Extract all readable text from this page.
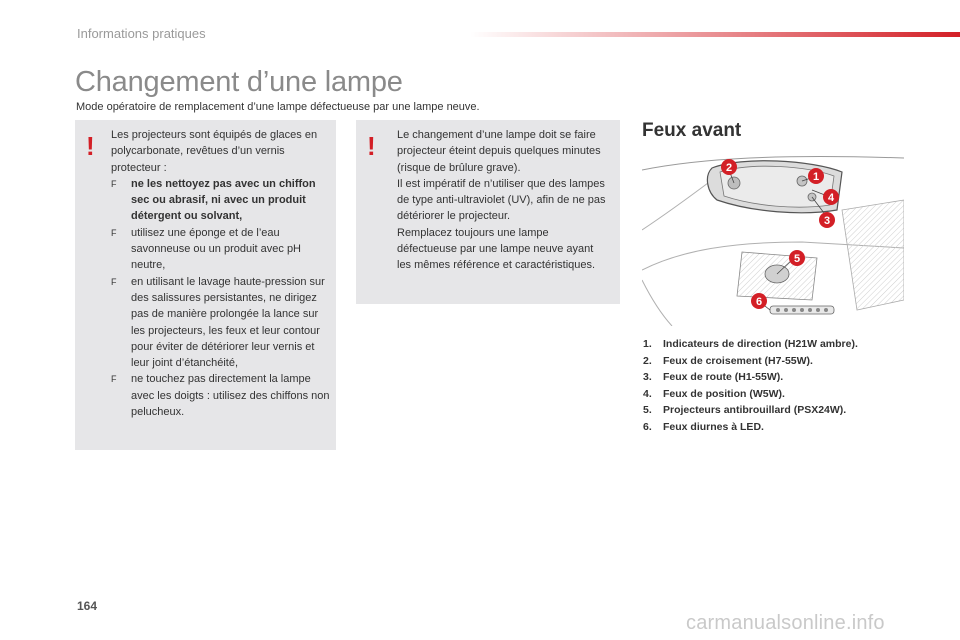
Informations pratiques
Changement d’une lampe
Mode opératoire de remplacement d’une lampe défectueuse par une lampe neuve.
! Les projecteurs sont équipés de glaces en polycarbonate, revêtues d’un vernis protecteur :
F ne les nettoyez pas avec un chiffon sec ou abrasif, ni avec un produit détergent ou solvant,
F utilisez une éponge et de l’eau savonneuse ou un produit avec pH neutre,
F en utilisant le lavage haute-pression sur des salissures persistantes, ne dirigez pas de manière prolongée la lance sur les projecteurs, les feux et leur contour pour éviter de détériorer leur vernis et leur joint d’étanchéité,
F ne touchez pas directement la lampe avec les doigts : utilisez des chiffons non pelucheux.
! Le changement d’une lampe doit se faire projecteur éteint depuis quelques minutes (risque de brûlure grave).
Il est impératif de n’utiliser que des lampes de type anti-ultraviolet (UV), afin de ne pas détériorer le projecteur.
Remplacez toujours une lampe défectueuse par une lampe neuve ayant les mêmes référence et caractéristiques.
Feux avant
2
1
4
3
5
6
1. Indicateurs de direction (H21W ambre).
2. Feux de croisement (H7-55W).
3. Feux de route (H1-55W).
4. Feux de position (W5W).
5. Projecteurs antibrouillard (PSX24W).
6. Feux diurnes à LED.
164
carmanualsonline.info
